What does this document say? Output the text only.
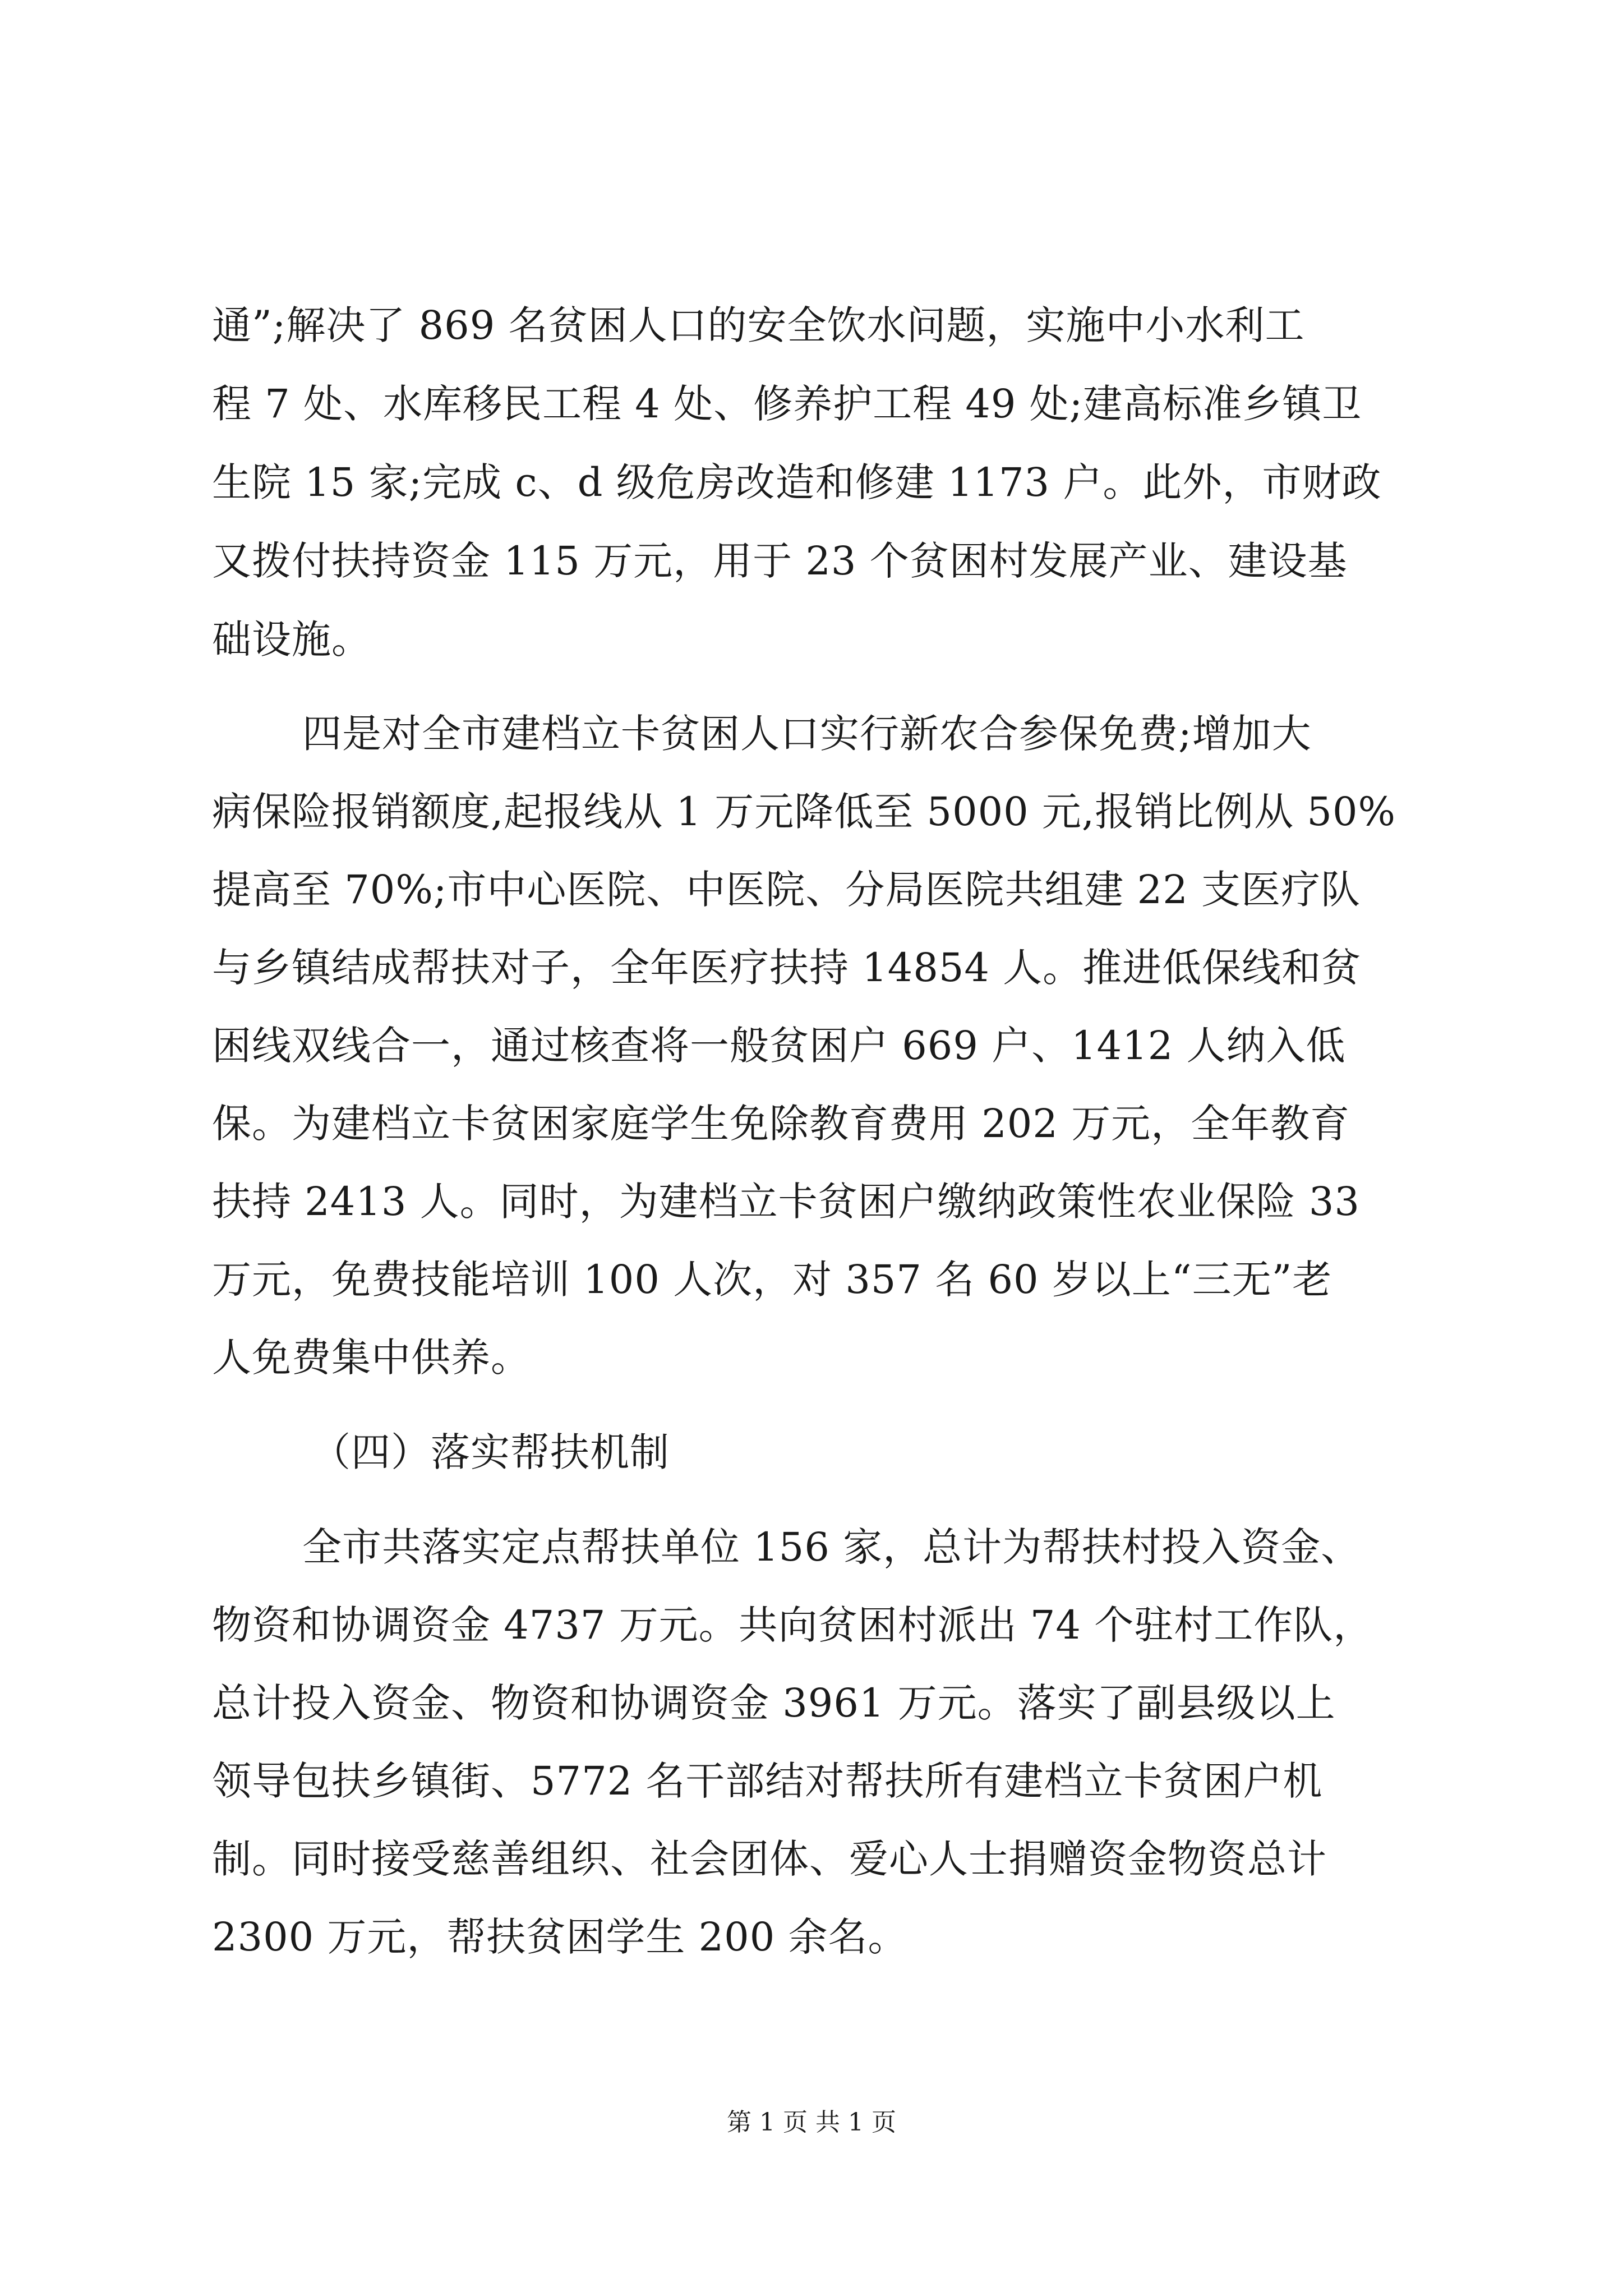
通”;解决了 869 名贫困人口的安全饮水问题，实施中小水利工
程 7 处、水库移民工程 4 处、修养护工程 49 处;建高标准乡镇卫
生院 15 家;完成 c、d 级危房改造和修建 1173 户。此外，市财政
又拨付扶持资金 115 万元，用于 23 个贫困村发展产业、建设基
础设施。
四是对全市建档立卡贫困人口实行新农合参保免费;增加大
病保险报销额度,起报线从 1 万元降低至 5000 元,报销比例从 50%
提高至 70%;市中心医院、中医院、分局医院共组建 22 支医疗队
与乡镇结成帮扶对子，全年医疗扶持 14854 人。推进低保线和贫
困线双线合一，通过核查将一般贫困户 669 户、1412 人纳入低
保。为建档立卡贫困家庭学生免除教育费用 202 万元，全年教育
扶持 2413 人。同时，为建档立卡贫困户缴纳政策性农业保险 33
万元，免费技能培训 100 人次，对 357 名 60 岁以上“三无”老
人免费集中供养。
（四）落实帮扶机制
全市共落实定点帮扶单位 156 家，总计为帮扶村投入资金、
物资和协调资金 4737 万元。共向贫困村派出 74 个驻村工作队，
总计投入资金、物资和协调资金 3961 万元。落实了副县级以上
领导包扶乡镇街、5772 名干部结对帮扶所有建档立卡贫困户机
制。同时接受慈善组织、社会团体、爱心人士捐赠资金物资总计
2300 万元，帮扶贫困学生 200 余名。
第 1 页 共 1 页
